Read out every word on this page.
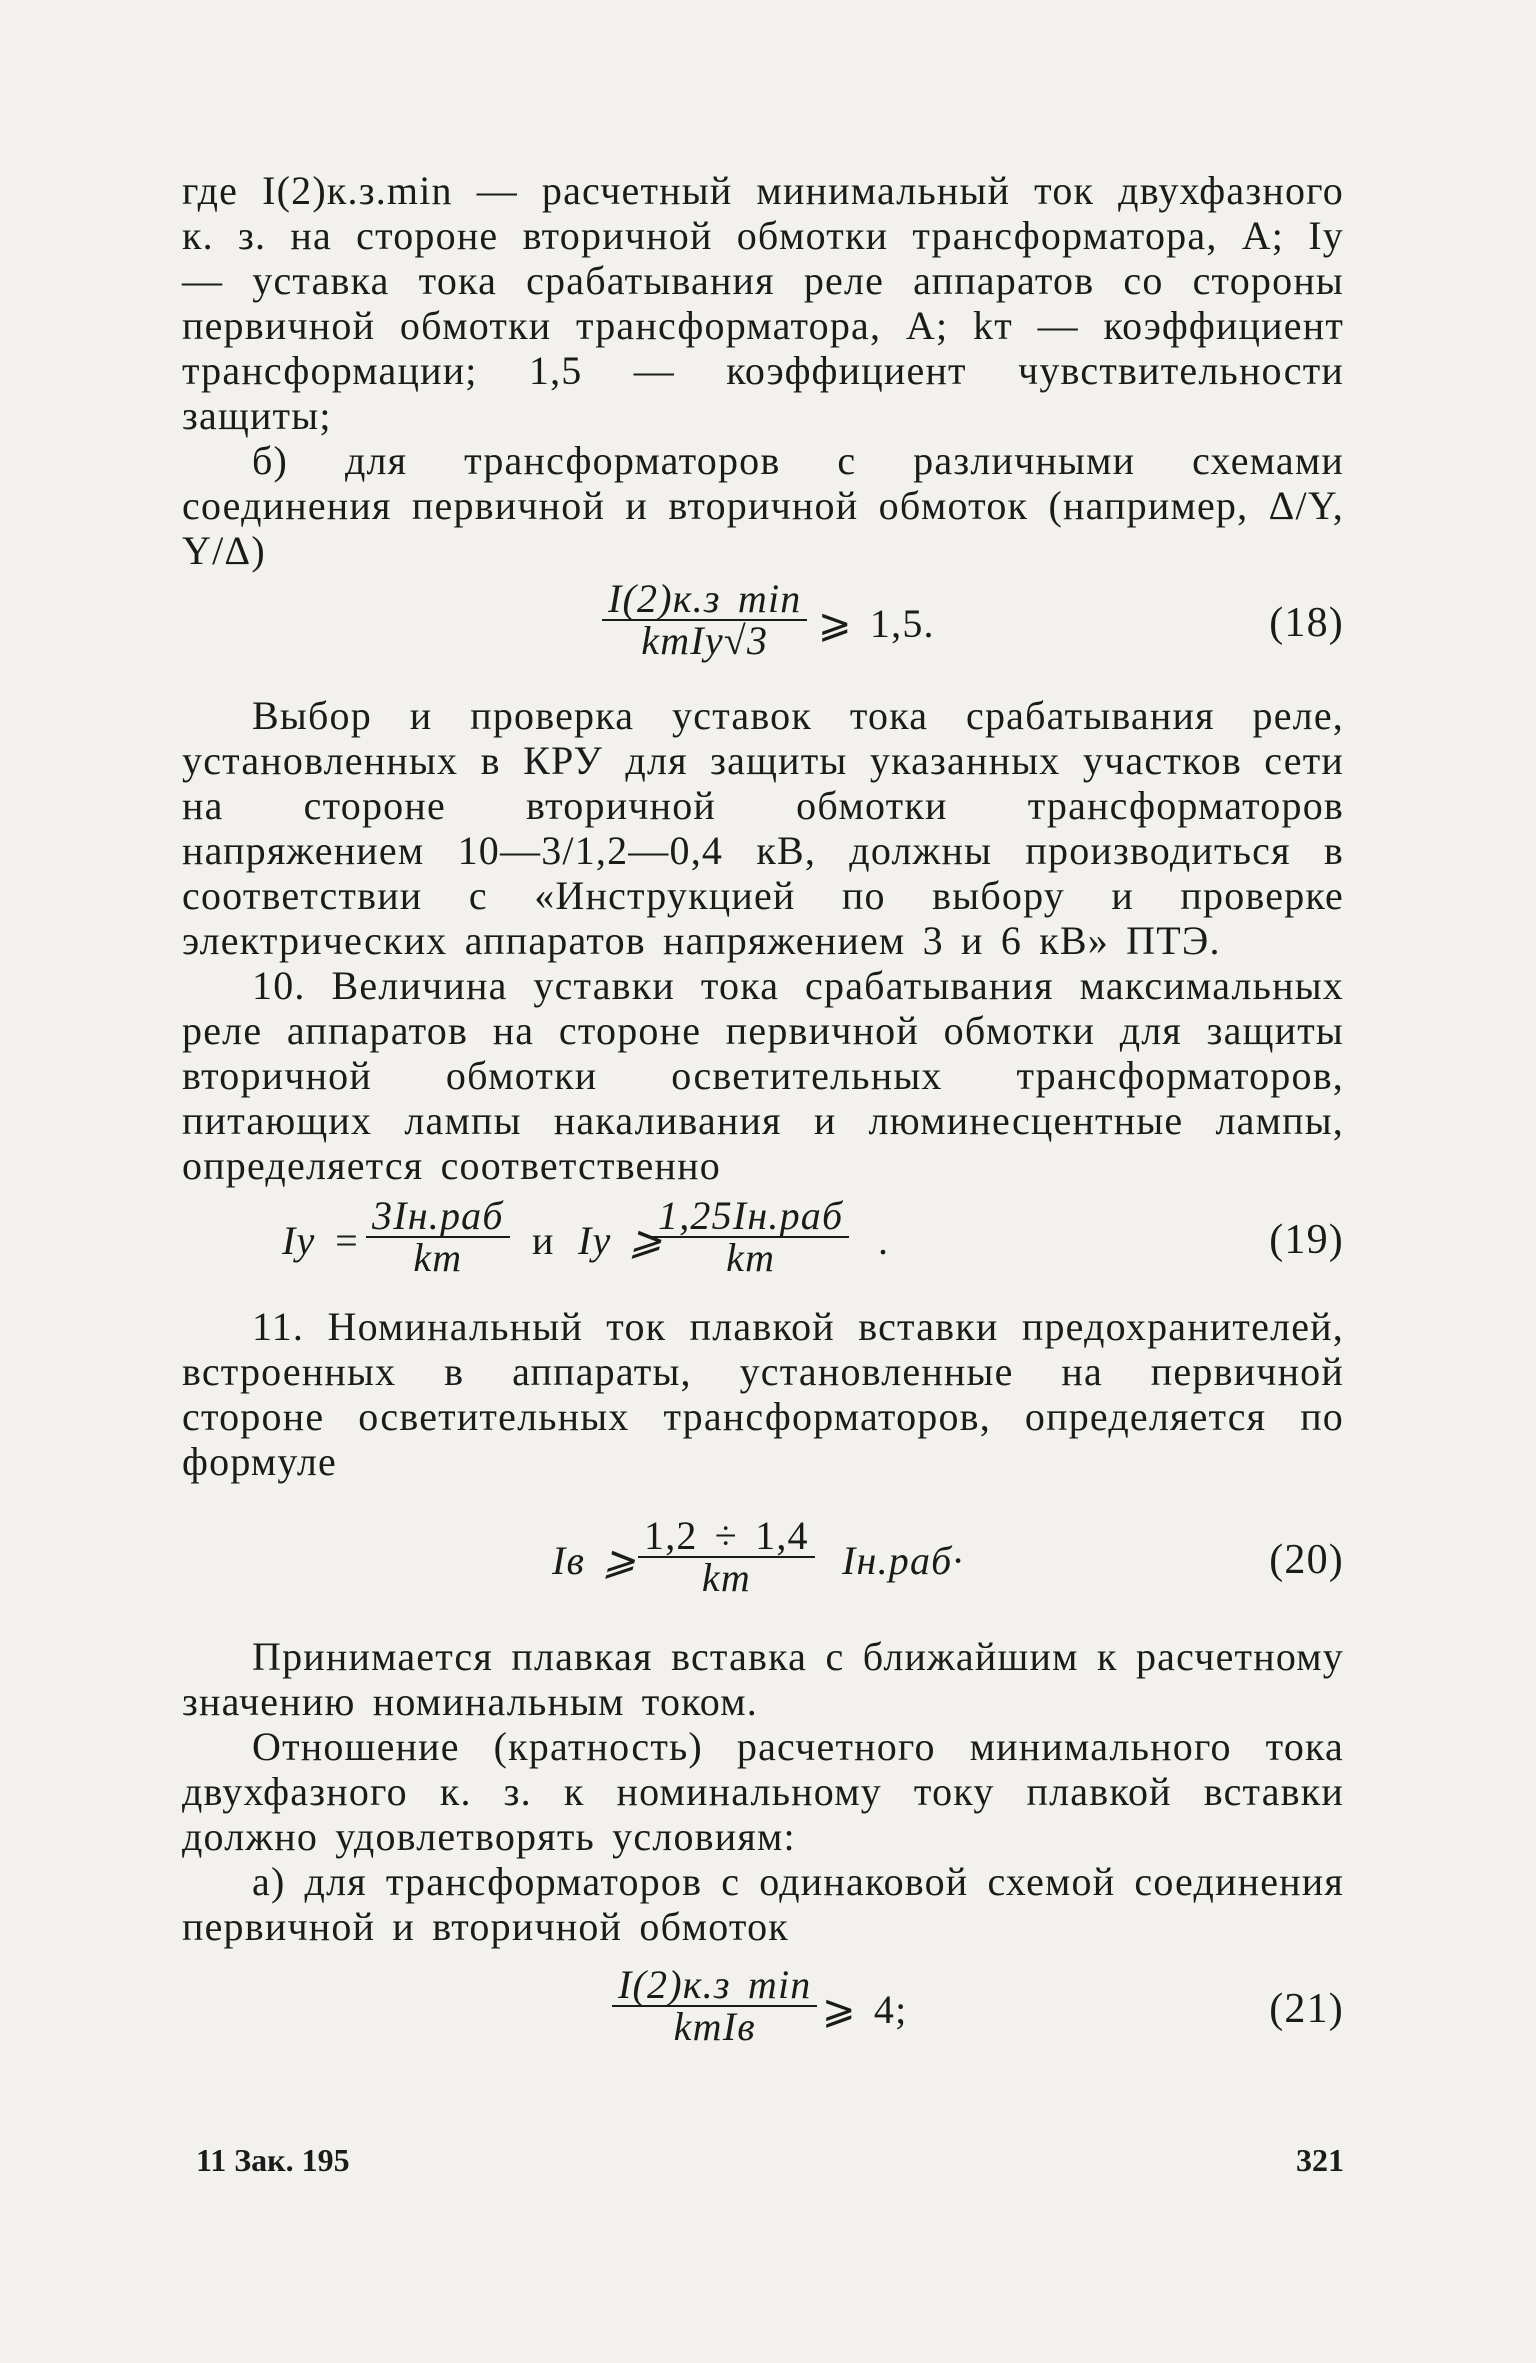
где I(2)к.з.min — расчетный минимальный ток двухфазного к. з. на стороне вторичной обмотки трансформатора, А; Iу — уставка тока срабатывания реле аппаратов со стороны первичной обмотки трансформатора, А; kт — коэффициент трансформации; 1,5 — коэффициент чувствительности защиты;

б) для трансформаторов с различными схемами соединения первичной и вторичной обмоток (например, Δ/Y, Y/Δ)

I(2)к.з min
kтIу√3	⩾ 1,5.	(18)

Выбор и проверка уставок тока срабатывания реле, установленных в КРУ для защиты указанных участков сети на стороне вторичной обмотки трансформаторов напряжением 10—3/1,2—0,4 кВ, должны производиться в соответствии с «Инструкцией по выбору и проверке электрических аппаратов напряжением 3 и 6 кВ» ПТЭ.

10. Величина уставки тока срабатывания максимальных реле аппаратов на стороне первичной обмотки для защиты вторичной обмотки осветительных трансформаторов, питающих лампы накаливания и люминесцентные лампы, определяется соответственно

Iу =
3Iн.раб
kт	и Iу ⩾
1,25Iн.раб
kт	.	(19)

11. Номинальный ток плавкой вставки предохранителей, встроенных в аппараты, установленные на первичной стороне осветительных трансформаторов, определяется по формуле

Iв ⩾
1,2 ÷ 1,4
kт	Iн.раб·	(20)

Принимается плавкая вставка с ближайшим к расчетному значению номинальным током.

Отношение (кратность) расчетного минимального тока двухфазного к. з. к номинальному току плавкой вставки должно удовлетворять условиям:

а) для трансформаторов с одинаковой схемой соединения первичной и вторичной обмоток

I(2)к.з min
kтIв	⩾ 4;	(21)
11 Зак. 195	321
